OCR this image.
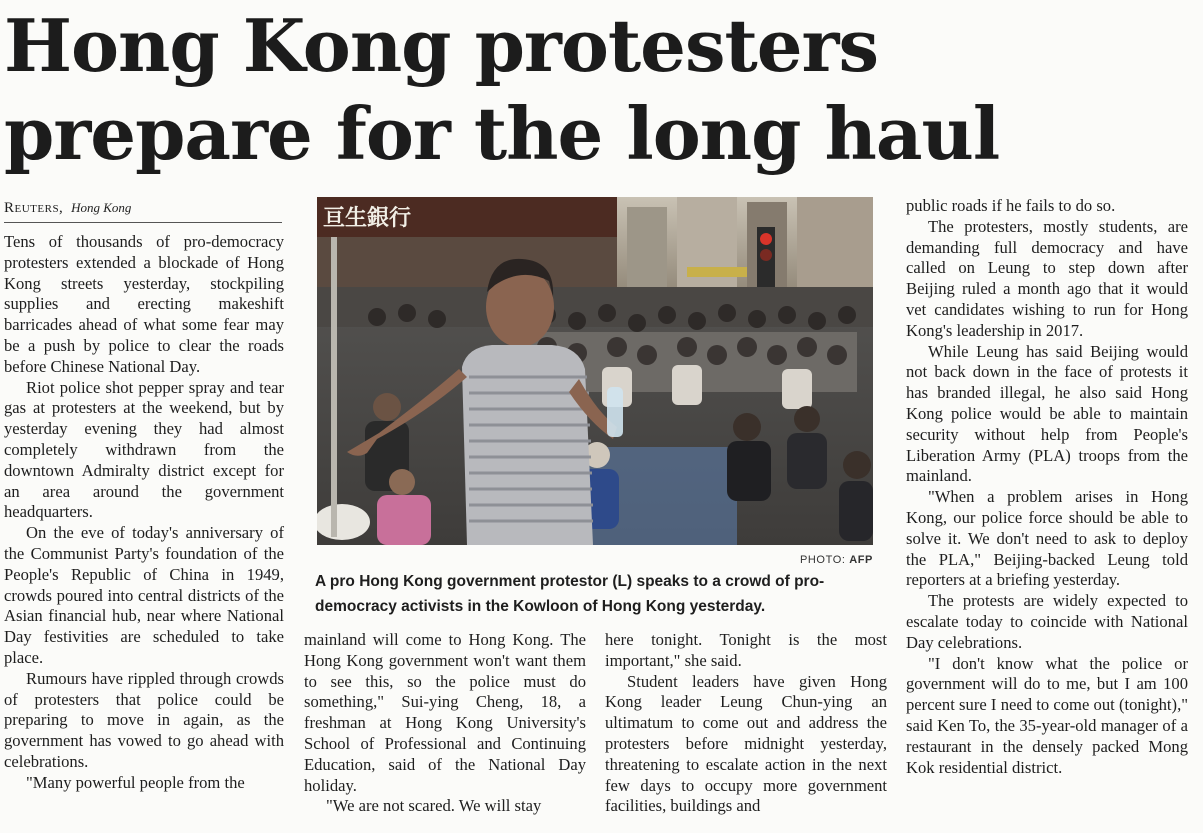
Hong Kong protesters prepare for the long haul
Reuters, Hong Kong

Tens of thousands of pro-democracy protesters extended a blockade of Hong Kong streets yesterday, stockpiling supplies and erecting makeshift barricades ahead of what some fear may be a push by police to clear the roads before Chinese National Day.

Riot police shot pepper spray and tear gas at protesters at the weekend, but by yesterday evening they had almost completely withdrawn from the downtown Admiralty district except for an area around the government headquarters.

On the eve of today's anniversary of the Communist Party's foundation of the People's Republic of China in 1949, crowds poured into central districts of the Asian financial hub, near where National Day festivities are scheduled to take place.

Rumours have rippled through crowds of protesters that police could be preparing to move in again, as the government has vowed to go ahead with celebrations.

"Many powerful people from the

亘生銀行
PHOTO: AFP
A pro Hong Kong government protestor (L) speaks to a crowd of pro-democracy activists in the Kowloon of Hong Kong yesterday.

mainland will come to Hong Kong. The Hong Kong government won't want them to see this, so the police must do something," Sui-ying Cheng, 18, a freshman at Hong Kong University's School of Professional and Continuing Education, said of the National Day holiday.

"We are not scared. We will stay

here tonight. Tonight is the most important," she said.

Student leaders have given Hong Kong leader Leung Chun-ying an ultimatum to come out and address the protesters before midnight yesterday, threatening to escalate action in the next few days to occupy more government facilities, buildings and

public roads if he fails to do so.

The protesters, mostly students, are demanding full democracy and have called on Leung to step down after Beijing ruled a month ago that it would vet candidates wishing to run for Hong Kong's leadership in 2017.

While Leung has said Beijing would not back down in the face of protests it has branded illegal, he also said Hong Kong police would be able to maintain security without help from People's Liberation Army (PLA) troops from the mainland.

"When a problem arises in Hong Kong, our police force should be able to solve it. We don't need to ask to deploy the PLA," Beijing-backed Leung told reporters at a briefing yesterday.

The protests are widely expected to escalate today to coincide with National Day celebrations.

"I don't know what the police or government will do to me, but I am 100 percent sure I need to come out (tonight)," said Ken To, the 35-year-old manager of a restaurant in the densely packed Mong Kok residential district.
